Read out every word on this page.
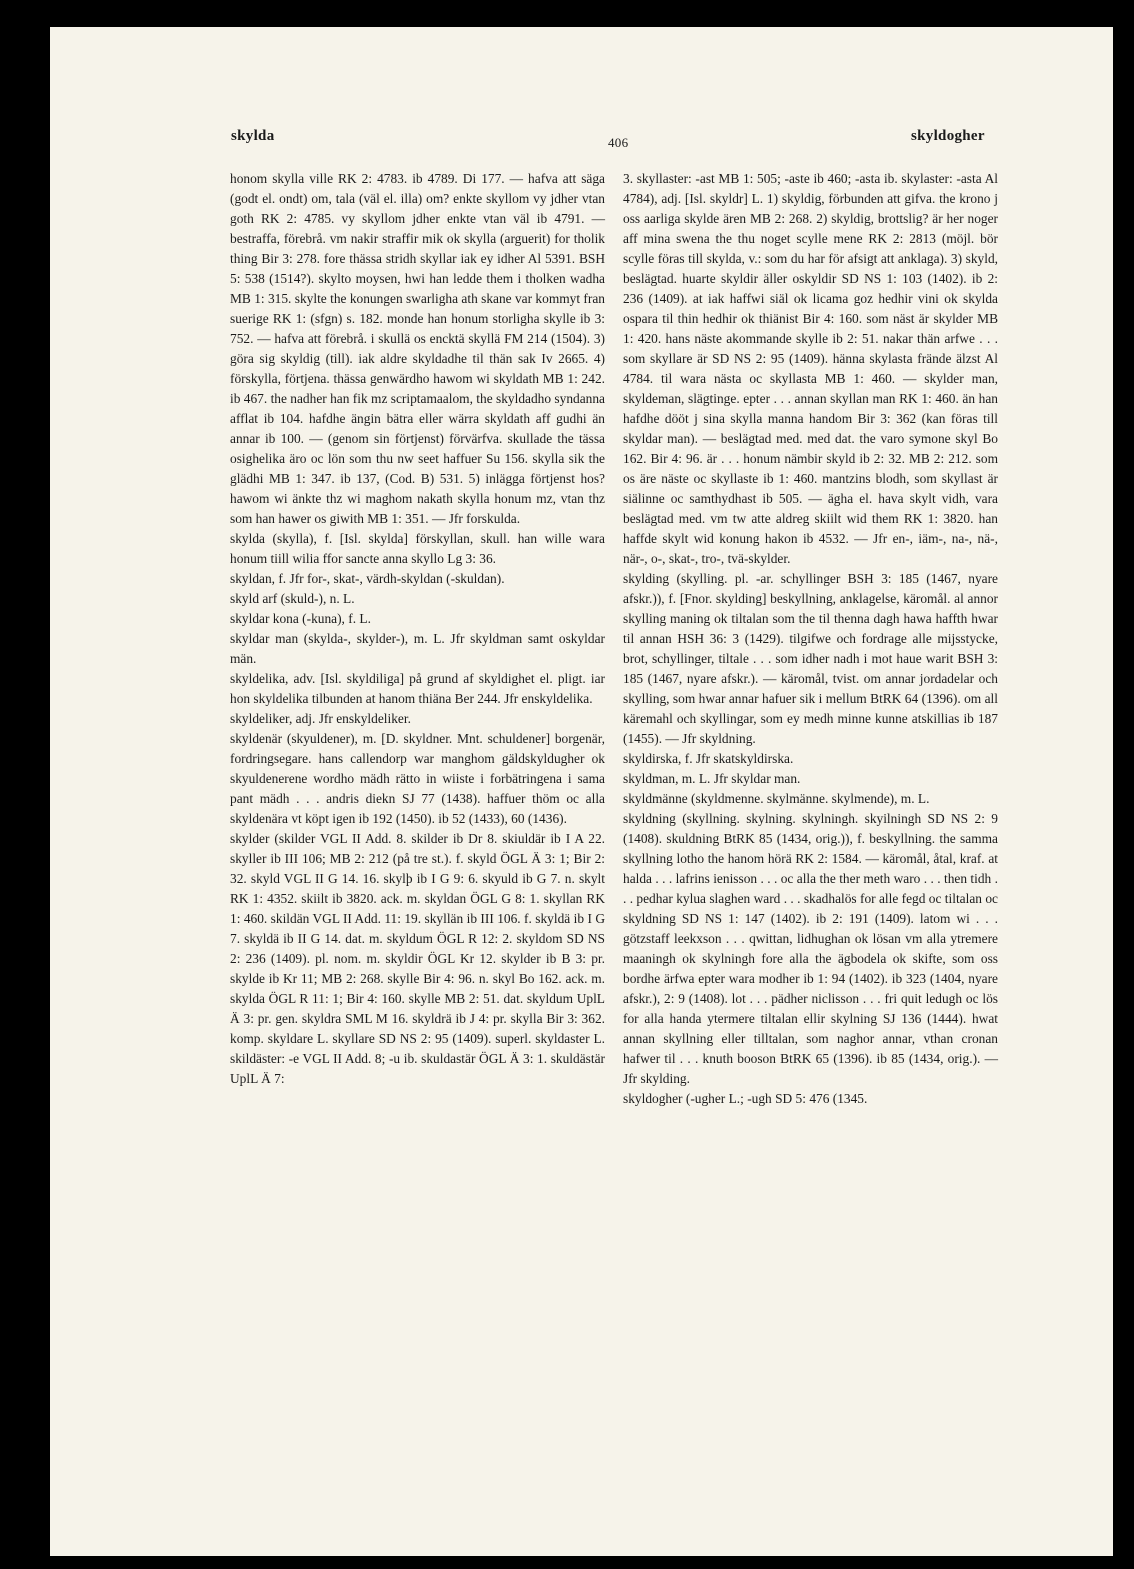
skylda	406	skyldogher

honom skylla ville RK 2: 4783. ib 4789. Di 177. — hafva att säga (godt el. ondt) om, tala (väl el. illa) om? enkte skyllom vy jdher vtan goth RK 2: 4785. vy skyllom jdher enkte vtan väl ib 4791. — bestraffa, förebrå. vm nakir straffir mik ok skylla (arguerit) for tholik thing Bir 3: 278. fore thässa stridh skyllar iak ey idher Al 5391. BSH 5: 538 (1514?). skylto moysen, hwi han ledde them i tholken wadha MB 1: 315. skylte the konungen swarligha ath skane var kommyt fran suerige RK 1: (sfgn) s. 182. monde han honum storligha skylle ib 3: 752. — hafva att förebrå. i skullä os encktä skyllä FM 214 (1504). 3) göra sig skyldig (till). iak aldre skyldadhe til thän sak Iv 2665. 4) förskylla, förtjena. thässa genwärdho hawom wi skyldath MB 1: 242. ib 467. the nadher han fik mz scriptamaalom, the skyldadho syndanna afflat ib 104. hafdhe ängin bätra eller wärra skyldath aff gudhi än annar ib 100. — (genom sin förtjenst) förvärfva. skullade the tässa osighelika äro oc lön som thu nw seet haffuer Su 156. skylla sik the glädhi MB 1: 347. ib 137, (Cod. B) 531. 5) inlägga förtjenst hos? hawom wi änkte thz wi maghom nakath skylla honum mz, vtan thz som han hawer os giwith MB 1: 351. — Jfr forskulda.

skylda (skylla), f. [Isl. skylda] förskyllan, skull. han wille wara honum tiill wilia ffor sancte anna skyllo Lg 3: 36.

skyldan, f. Jfr for-, skat-, värdh-skyldan (-skuldan).

skyld arf (skuld-), n. L.

skyldar kona (-kuna), f. L.

skyldar man (skylda-, skylder-), m. L. Jfr skyldman samt oskyldar män.

skyldelika, adv. [Isl. skyldiliga] på grund af skyldighet el. pligt. iar hon skyldelika tilbunden at hanom thiäna Ber 244. Jfr enskyldelika.

skyldeliker, adj. Jfr enskyldeliker.

skyldenär (skyuldener), m. [D. skyldner. Mnt. schuldener] borgenär, fordringsegare. hans callendorp war manghom gäldskyldugher ok skyuldenerene wordho mädh rätto in wiiste i forbätringena i sama pant mädh . . . andris diekn SJ 77 (1438). haffuer thöm oc alla skyldenära vt köpt igen ib 192 (1450). ib 52 (1433), 60 (1436).

skylder (skilder VGL II Add. 8. skilder ib Dr 8. skiuldär ib I A 22. skyller ib III 106; MB 2: 212 (på tre st.). f. skyld ÖGL Ä 3: 1; Bir 2: 32. skyld VGL II G 14. 16. skylþ ib I G 9: 6. skyuld ib G 7. n. skylt RK 1: 4352. skiilt ib 3820. ack. m. skyldan ÖGL G 8: 1. skyllan RK 1: 460. skildän VGL II Add. 11: 19. skyllän ib III 106. f. skyldä ib I G 7. skyldä ib II G 14. dat. m. skyldum ÖGL R 12: 2. skyldom SD NS 2: 236 (1409). pl. nom. m. skyldir ÖGL Kr 12. skylder ib B 3: pr. skylde ib Kr 11; MB 2: 268. skylle Bir 4: 96. n. skyl Bo 162. ack. m. skylda ÖGL R 11: 1; Bir 4: 160. skylle MB 2: 51. dat. skyldum UplL Ä 3: pr. gen. skyldra SML M 16. skyldrä ib J 4: pr. skylla Bir 3: 362. komp. skyldare L. skyllare SD NS 2: 95 (1409). superl. skyldaster L. skildäster: -e VGL II Add. 8; -u ib. skuldastär ÖGL Ä 3: 1. skuldästär UplL Ä 7:

3. skyllaster: -ast MB 1: 505; -aste ib 460; -asta ib. skylaster: -asta Al 4784), adj. [Isl. skyldr] L. 1) skyldig, förbunden att gifva. the krono j oss aarliga skylde ären MB 2: 268. 2) skyldig, brottslig? är her noger aff mina swena the thu noget scylle mene RK 2: 2813 (möjl. bör scylle föras till skylda, v.: som du har för afsigt att anklaga). 3) skyld, beslägtad. huarte skyldir äller oskyldir SD NS 1: 103 (1402). ib 2: 236 (1409). at iak haffwi siäl ok licama goz hedhir vini ok skylda ospara til thin hedhir ok thiänist Bir 4: 160. som näst är skylder MB 1: 420. hans näste akommande skylle ib 2: 51. nakar thän arfwe . . . som skyllare är SD NS 2: 95 (1409). hänna skylasta frände älzst Al 4784. til wara nästa oc skyllasta MB 1: 460. — skylder man, skyldeman, slägtinge. epter . . . annan skyllan man RK 1: 460. än han hafdhe dööt j sina skylla manna handom Bir 3: 362 (kan föras till skyldar man). — beslägtad med. med dat. the varo symone skyl Bo 162. Bir 4: 96. är . . . honum nämbir skyld ib 2: 32. MB 2: 212. som os äre näste oc skyllaste ib 1: 460. mantzins blodh, som skyllast är siälinne oc samthydhast ib 505. — ägha el. hava skylt vidh, vara beslägtad med. vm tw atte aldreg skiilt wid them RK 1: 3820. han haffde skylt wid konung hakon ib 4532. — Jfr en-, iäm-, na-, nä-, när-, o-, skat-, tro-, tvä-skylder.

skylding (skylling. pl. -ar. schyllinger BSH 3: 185 (1467, nyare afskr.)), f. [Fnor. skylding] beskyllning, anklagelse, käromål. al annor skylling maning ok tiltalan som the til thenna dagh hawa haffth hwar til annan HSH 36: 3 (1429). tilgifwe och fordrage alle mijsstycke, brot, schyllinger, tiltale . . . som idher nadh i mot haue warit BSH 3: 185 (1467, nyare afskr.). — käromål, tvist. om annar jordadelar och skylling, som hwar annar hafuer sik i mellum BtRK 64 (1396). om all käremahl och skyllingar, som ey medh minne kunne atskillias ib 187 (1455). — Jfr skyldning.

skyldirska, f. Jfr skatskyldirska.

skyldman, m. L. Jfr skyldar man.

skyldmänne (skyldmenne. skylmänne. skylmende), m. L.

skyldning (skyllning. skylning. skylningh. skyilningh SD NS 2: 9 (1408). skuldning BtRK 85 (1434, orig.)), f. beskyllning. the samma skyllning lotho the hanom hörä RK 2: 1584. — käromål, åtal, kraf. at halda . . . lafrins ienisson . . . oc alla the ther meth waro . . . then tidh . . . pedhar kylua slaghen ward . . . skadhalös for alle fegd oc tiltalan oc skyldning SD NS 1: 147 (1402). ib 2: 191 (1409). latom wi . . . götzstaff leekxson . . . qwittan, lidhughan ok lösan vm alla ytremere maaningh ok skylningh fore alla the ägbodela ok skifte, som oss bordhe ärfwa epter wara modher ib 1: 94 (1402). ib 323 (1404, nyare afskr.), 2: 9 (1408). lot . . . pädher niclisson . . . fri quit ledugh oc lös for alla handa ytermere tiltalan ellir skylning SJ 136 (1444). hwat annan skyllning eller tilltalan, som naghor annar, vthan cronan hafwer til . . . knuth booson BtRK 65 (1396). ib 85 (1434, orig.). — Jfr skylding.

skyldogher (-ugher L.; -ugh SD 5: 476 (1345.
